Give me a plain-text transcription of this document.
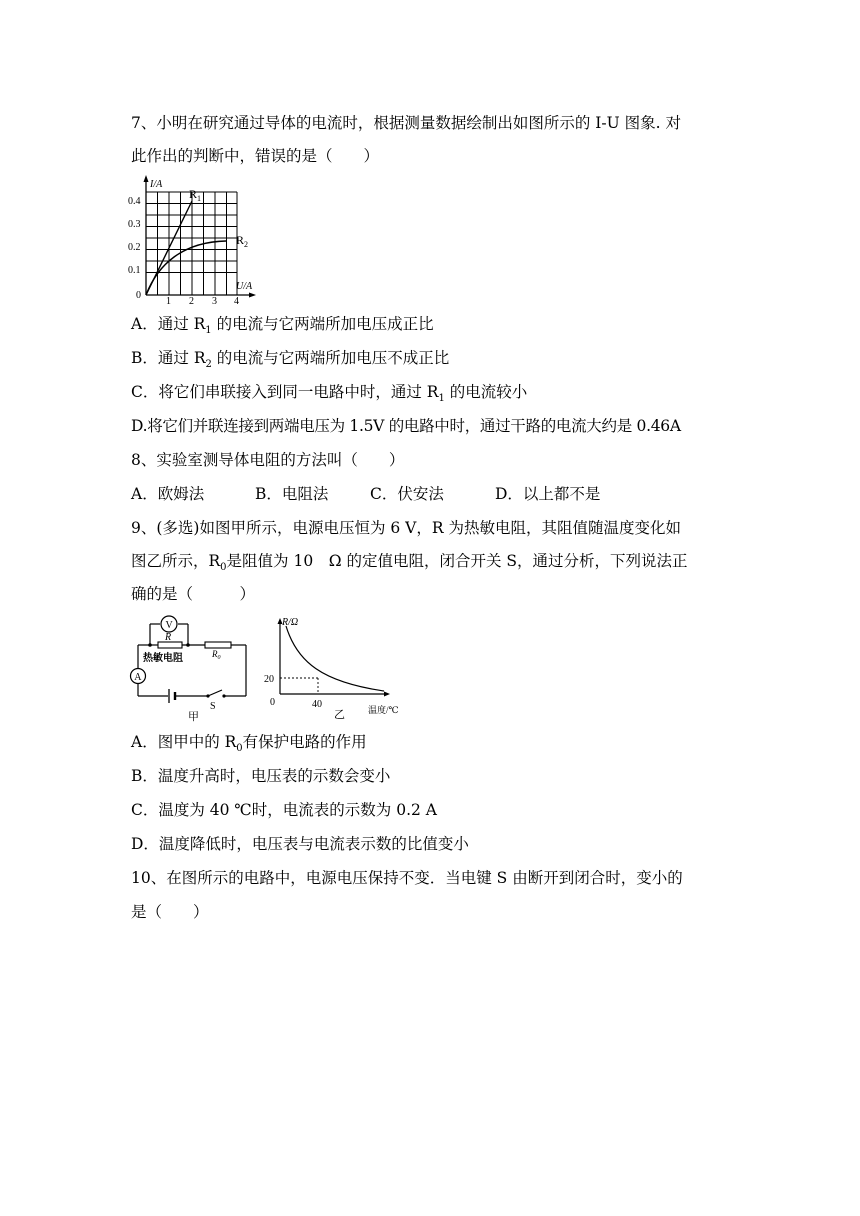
7、小明在研究通过导体的电流时，根据测量数据绘制出如图所示的 I-U 图象. 对
此作出的判断中，错误的是（　　）
I/A
U/A
0.4
0.3
0.2
0.1
0
1 2 3 4
$R_1$
$R_2$
A．通过 $R_1$ 的电流与它两端所加电压成正比
B．通过 $R_2$ 的电流与它两端所加电压不成正比
C．将它们串联接入到同一电路中时，通过 $R_1$ 的电流较小
D.将它们并联连接到两端电压为 1.5V 的电路中时，通过干路的电流大约是 0.46A
8、实验室测导体电阻的方法叫（　　）
A．欧姆法	B．电阻法	C．伏安法	D．以上都不是
9、(多选)如图甲所示，电源电压恒为 6 V，R 为热敏电阻，其阻值随温度变化如
图乙所示，$R_0$是阻值为 10　Ω 的定值电阻，闭合开关 S，通过分析，下列说法正
确的是（　　　）
V
R
热敏电阻	$R_0$
A
S
甲
R/Ω
20
40
0
乙	温度/℃
A．图甲中的 $R_0$有保护电路的作用
B．温度升高时，电压表的示数会变小
C．温度为 40 ℃时，电流表的示数为 0.2 A
D．温度降低时，电压表与电流表示数的比值变小
10、在图所示的电路中，电源电压保持不变．当电键 S 由断开到闭合时，变小的
是（　　）
